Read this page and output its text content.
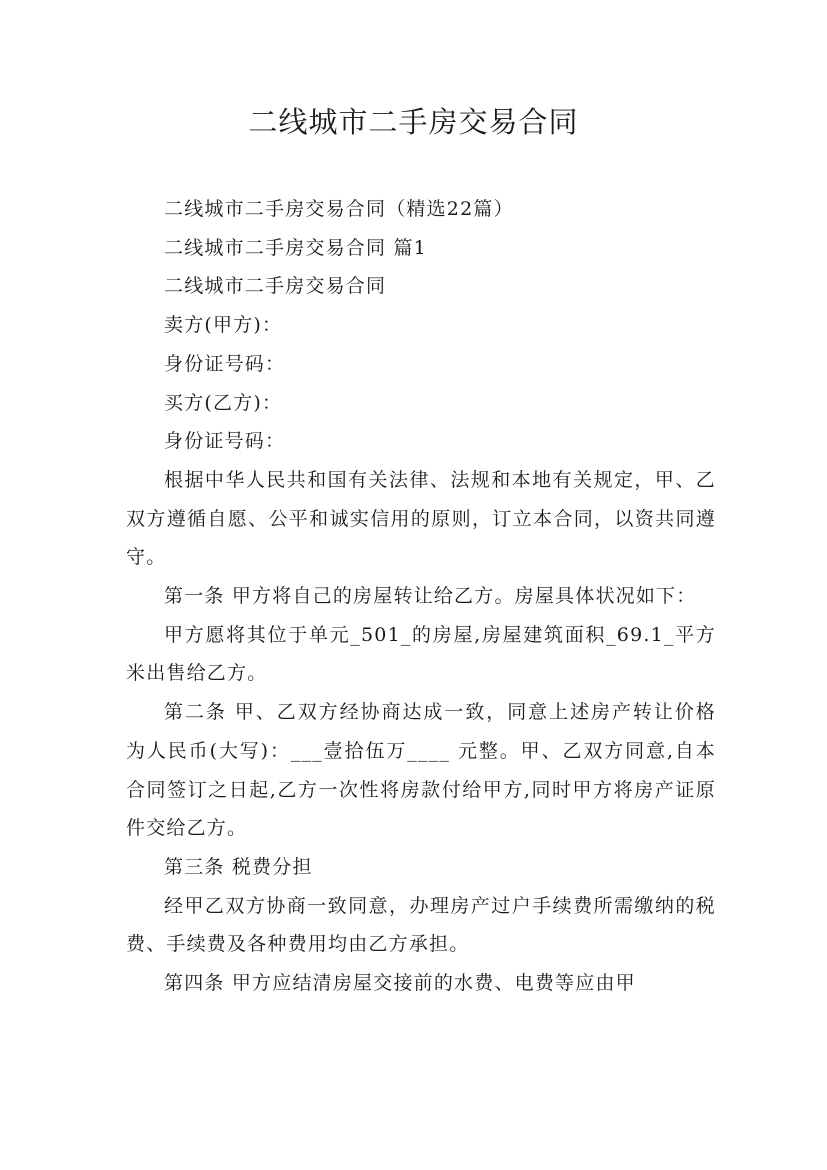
二线城市二手房交易合同

二线城市二手房交易合同（精选22篇）

二线城市二手房交易合同 篇1

二线城市二手房交易合同

卖方(甲方)：

身份证号码：

买方(乙方)：

身份证号码：

根据中华人民共和国有关法律、法规和本地有关规定，甲、乙双方遵循自愿、公平和诚实信用的原则，订立本合同，以资共同遵守。

第一条 甲方将自己的房屋转让给乙方。房屋具体状况如下：

甲方愿将其位于单元_501_的房屋,房屋建筑面积_69.1_平方米出售给乙方。

第二条 甲、乙双方经协商达成一致，同意上述房产转让价格为人民币(大写)：___壹拾伍万____ 元整。甲、乙双方同意,自本合同签订之日起,乙方一次性将房款付给甲方,同时甲方将房产证原件交给乙方。

第三条 税费分担

经甲乙双方协商一致同意，办理房产过户手续费所需缴纳的税费、手续费及各种费用均由乙方承担。

第四条 甲方应结清房屋交接前的水费、电费等应由甲
